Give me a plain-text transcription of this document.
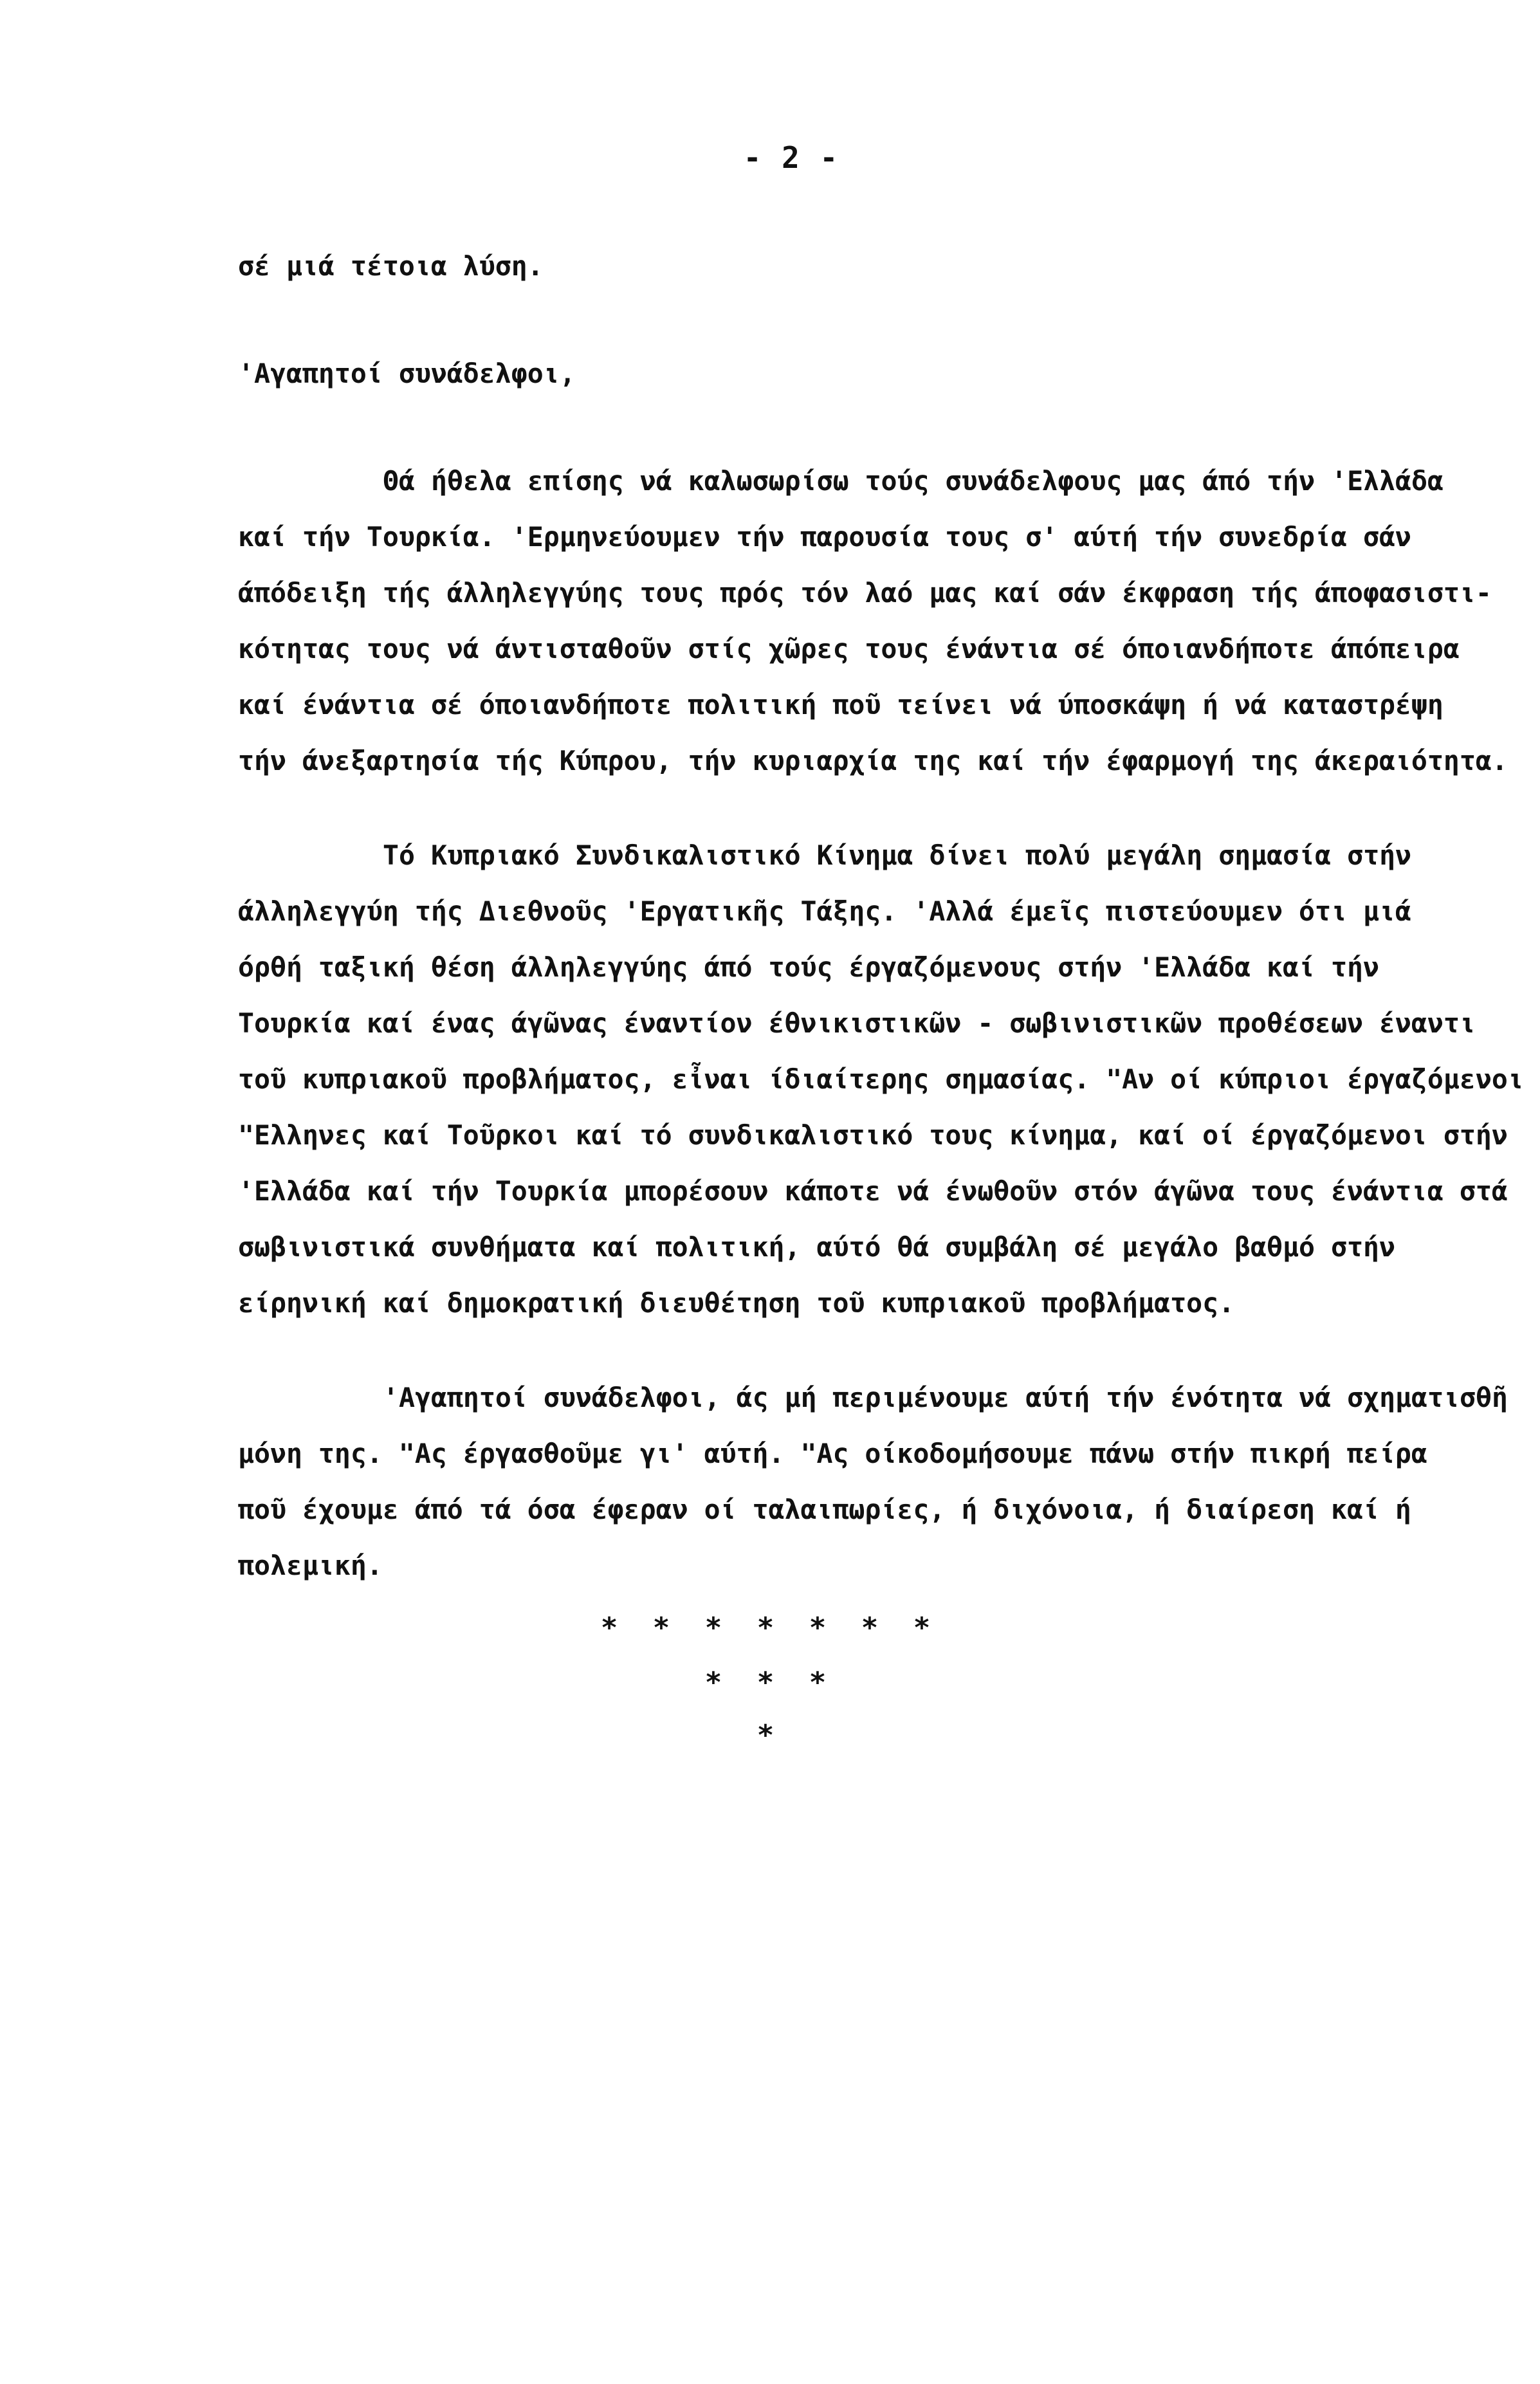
- 2 -
σέ μιά τέτοια λύση.
'Αγαπητοί συνάδελφοι,
Θά ήθελα επίσης νά καλωσωρίσω τούς συνάδελφους μας άπό τήν 'Ελλάδα
καί τήν Τουρκία. 'Ερμηνεύουμεν τήν παρουσία τους σ' αύτή τήν συνεδρία σάν
άπόδειξη τής άλληλεγγύης τους πρός τόν λαό μας καί σάν έκφραση τής άποφασιστι-
κότητας τους νά άντισταθοῦν στίς χῶρες τους ένάντια σέ όποιανδήποτε άπόπειρα
καί ένάντια σέ όποιανδήποτε πολιτική ποῦ τείνει νά ύποσκάψη ή νά καταστρέψη
τήν άνεξαρτησία τής Κύπρου, τήν κυριαρχία της καί τήν έφαρμογή της άκεραιότητα.
Τό Κυπριακό Συνδικαλιστικό Κίνημα δίνει πολύ μεγάλη σημασία στήν
άλληλεγγύη τής Διεθνοῦς 'Εργατικῆς Τάξης. 'Αλλά έμεῖς πιστεύουμεν ότι μιά
όρθή ταξική θέση άλληλεγγύης άπό τούς έργαζόμενους στήν 'Ελλάδα καί τήν
Τουρκία καί ένας άγῶνας έναντίον έθνικιστικῶν - σωβινιστικῶν προθέσεων έναντι
τοῦ κυπριακοῦ προβλήματος, εἶναι ίδιαίτερης σημασίας. "Αν οί κύπριοι έργαζόμενοι
"Ελληνες καί Τοῦρκοι καί τό συνδικαλιστικό τους κίνημα, καί οί έργαζόμενοι στήν
'Ελλάδα καί τήν Τουρκία μπορέσουν κάποτε νά ένωθοῦν στόν άγῶνα τους ένάντια στά
σωβινιστικά συνθήματα καί πολιτική, αύτό θά συμβάλη σέ μεγάλο βαθμό στήν
είρηνική καί δημοκρατική διευθέτηση τοῦ κυπριακοῦ προβλήματος.
'Αγαπητοί συνάδελφοι, άς μή περιμένουμε αύτή τήν ένότητα νά σχηματισθῆ
μόνη της. "Ας έργασθοῦμε γι' αύτή. "Ας οίκοδομήσουμε πάνω στήν πικρή πείρα
ποῦ έχουμε άπό τά όσα έφεραν οί ταλαιπωρίες, ή διχόνοια, ή διαίρεση καί ή
πολεμική.
* * * * * * *
* * *
*
